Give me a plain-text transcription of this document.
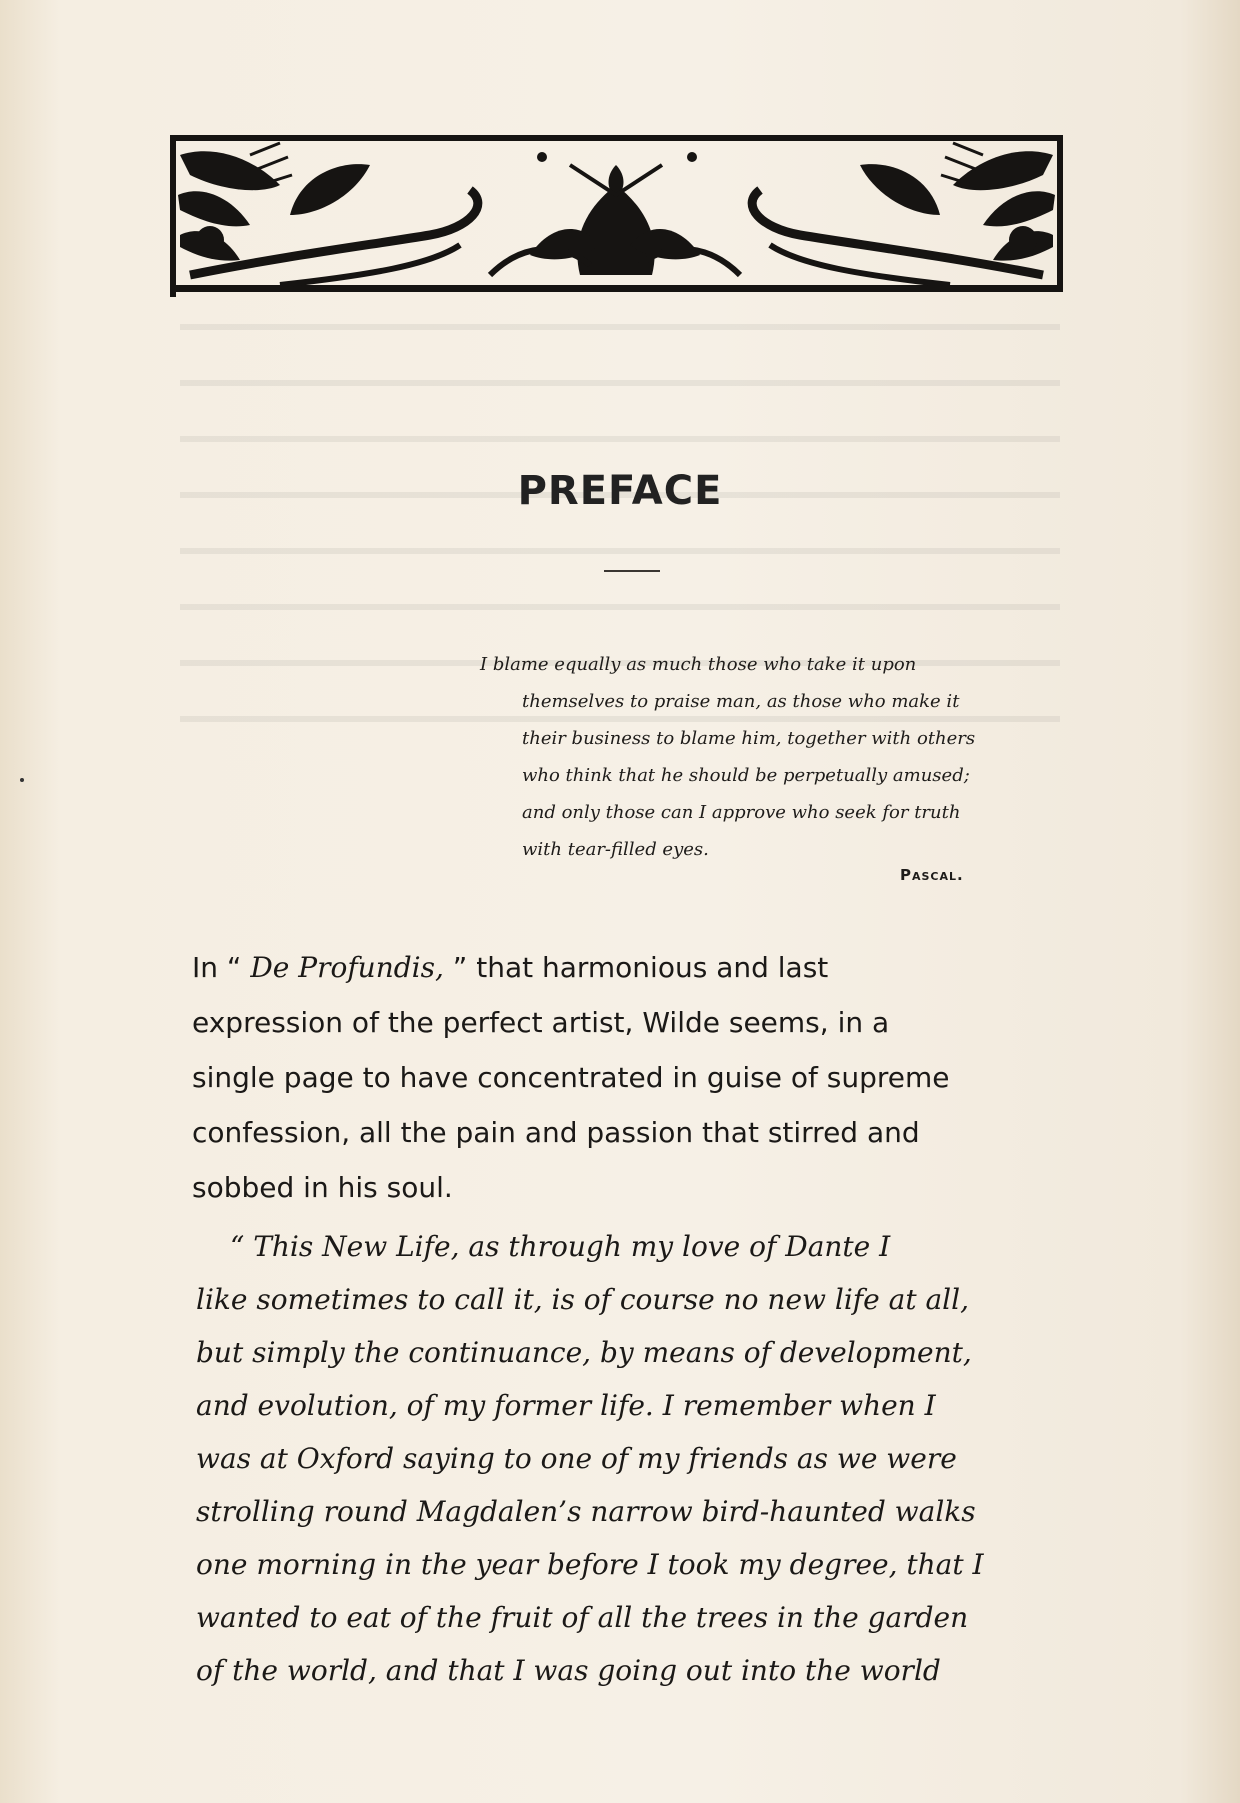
PREFACE
I blame equally as much those who take it upon
themselves to praise man, as those who make it
their business to blame him, together with others
who think that he should be perpetually amused;
and only those can I approve who seek for truth
with tear-filled eyes.
Pascal.
In “ De Profundis, ” that harmonious and last
expression of the perfect artist, Wilde seems, in a
single page to have concentrated in guise of supreme
confession, all the pain and passion that stirred and
sobbed in his soul.
“ This New Life, as through my love of Dante I
like sometimes to call it, is of course no new life at all,
but simply the continuance, by means of development,
and evolution, of my former life. I remember when I
was at Oxford saying to one of my friends as we were
strolling round Magdalen’s narrow bird-haunted walks
one morning in the year before I took my degree, that I
wanted to eat of the fruit of all the trees in the garden
of the world, and that I was going out into the world
